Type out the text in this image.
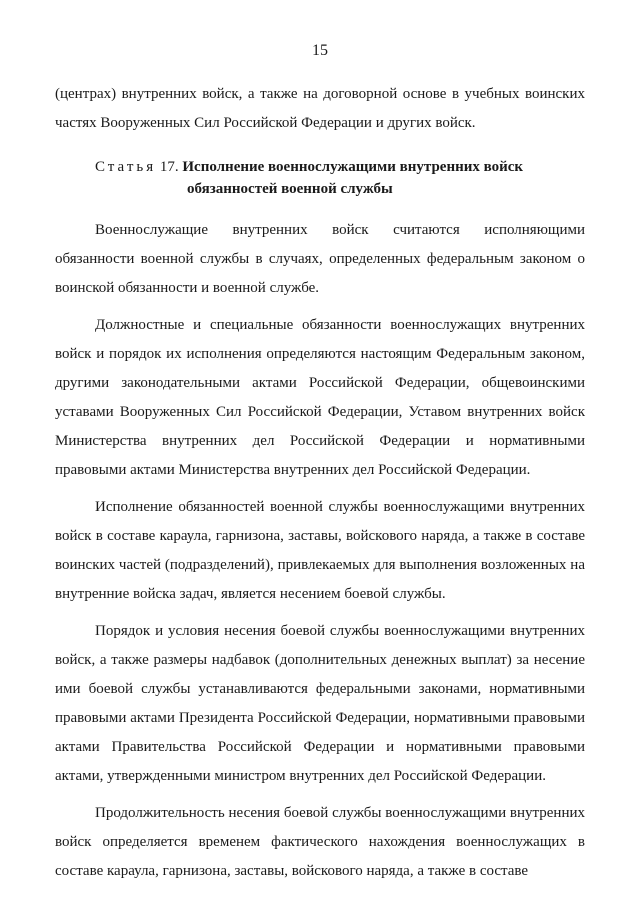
15

(центрах) внутренних войск, а также на договорной основе в учебных воинских частях Вооруженных Сил Российской Федерации и других войск.

Статья 17. Исполнение военнослужащими внутренних войск
обязанностей военной службы

Военнослужащие внутренних войск считаются исполняющими обязанности военной службы в случаях, определенных федеральным законом о воинской обязанности и военной службе.

Должностные и специальные обязанности военнослужащих внутренних войск и порядок их исполнения определяются настоящим Федеральным законом, другими законодательными актами Российской Федерации, общевоинскими уставами Вооруженных Сил Российской Федерации, Уставом внутренних войск Министерства внутренних дел Российской Федерации и нормативными правовыми актами Министерства внутренних дел Российской Федерации.

Исполнение обязанностей военной службы военнослужащими внутренних войск в составе караула, гарнизона, заставы, войскового наряда, а также в составе воинских частей (подразделений), привлекаемых для выполнения возложенных на внутренние войска задач, является несением боевой службы.

Порядок и условия несения боевой службы военнослужащими внутренних войск, а также размеры надбавок (дополнительных денежных выплат) за несение ими боевой службы устанавливаются федеральными законами, нормативными правовыми актами Президента Российской Федерации, нормативными правовыми актами Правительства Российской Федерации и нормативными правовыми актами, утвержденными министром внутренних дел Российской Федерации.

Продолжительность несения боевой службы военнослужащими внутренних войск определяется временем фактического нахождения военнослужащих в составе караула, гарнизона, заставы, войскового наряда, а также в составе
